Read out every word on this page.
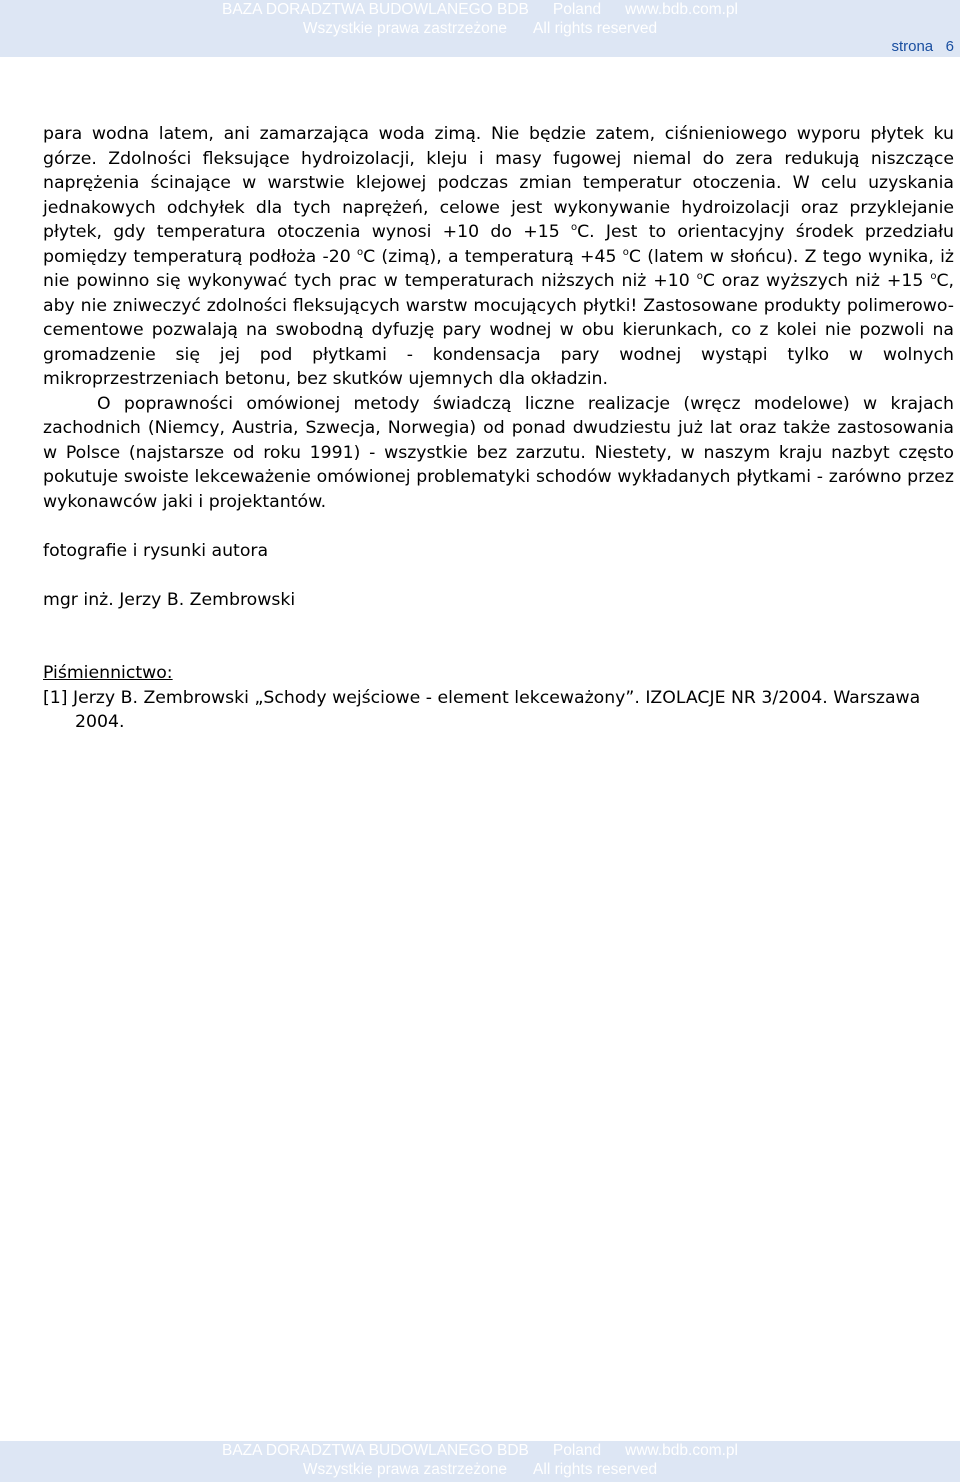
BAZA DORADZTWA BUDOWLANEGO BDB Poland www.bdb.com.pl
Wszystkie prawa zastrzeżone All rights reserved
strona 6

para wodna latem, ani zamarzająca woda zimą. Nie będzie zatem, ciśnieniowego wyporu płytek ku górze. Zdolności fleksujące hydroizolacji, kleju i masy fugowej niemal do zera redukują niszczące naprężenia ścinające w warstwie klejowej podczas zmian temperatur otoczenia. W celu uzyskania jednakowych odchyłek dla tych naprężeń, celowe jest wykonywanie hydroizolacji oraz przyklejanie płytek, gdy temperatura otoczenia wynosi +10 do +15 $^o$C. Jest to orientacyjny środek przedziału pomiędzy temperaturą podłoża -20 $^o$C (zimą), a temperaturą +45 $^o$C (latem w słońcu). Z tego wynika, iż nie powinno się wykonywać tych prac w temperaturach niższych niż +10 $^o$C oraz wyższych niż +15 $^o$C, aby nie zniweczyć zdolności fleksujących warstw mocujących płytki! Zastosowane produkty polimerowo-cementowe pozwalają na swobodną dyfuzję pary wodnej w obu kierunkach, co z kolei nie pozwoli na gromadzenie się jej pod płytkami - kondensacja pary wodnej wystąpi tylko w wolnych mikroprzestrzeniach betonu, bez skutków ujemnych dla okładzin.

O poprawności omówionej metody świadczą liczne realizacje (wręcz modelowe) w krajach zachodnich (Niemcy, Austria, Szwecja, Norwegia) od ponad dwudziestu już lat oraz także zastosowania w Polsce (najstarsze od roku 1991) - wszystkie bez zarzutu. Niestety, w naszym kraju nazbyt często pokutuje swoiste lekceważenie omówionej problematyki schodów wykładanych płytkami - zarówno przez wykonawców jaki i projektantów.

fotografie i rysunki autora

mgr inż. Jerzy B. Zembrowski

Piśmiennictwo:

[1] Jerzy B. Zembrowski „Schody wejściowe - element lekceważony”. IZOLACJE NR 3/2004. Warszawa 2004.

BAZA DORADZTWA BUDOWLANEGO BDB Poland www.bdb.com.pl
Wszystkie prawa zastrzeżone All rights reserved
